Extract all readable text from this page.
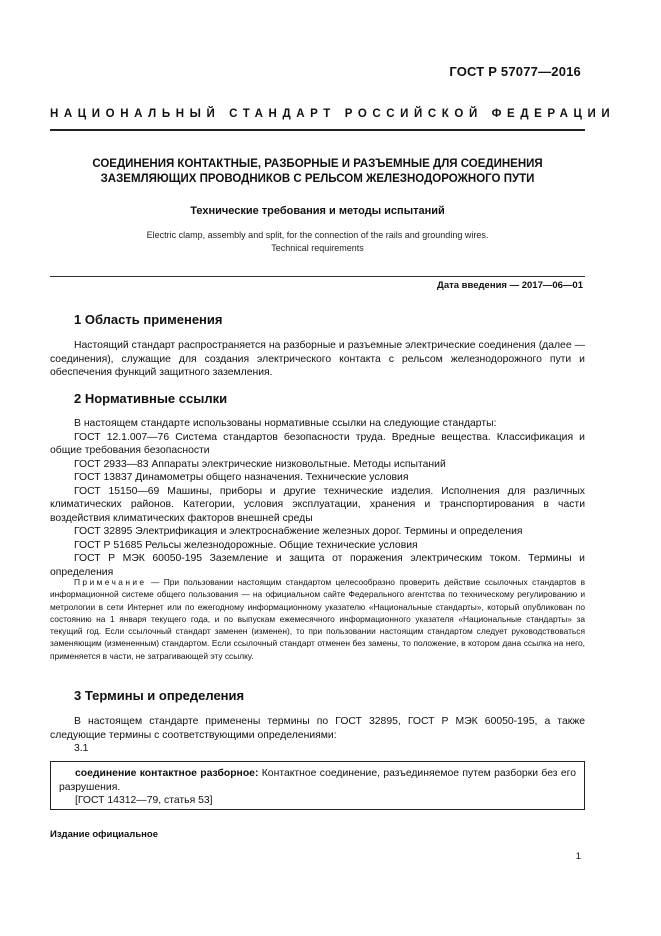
ГОСТ Р 57077—2016
НАЦИОНАЛЬНЫЙ СТАНДАРТ РОССИЙСКОЙ ФЕДЕРАЦИИ
СОЕДИНЕНИЯ КОНТАКТНЫЕ, РАЗБОРНЫЕ И РАЗЪЕМНЫЕ ДЛЯ СОЕДИНЕНИЯ
ЗАЗЕМЛЯЮЩИХ ПРОВОДНИКОВ С РЕЛЬСОМ ЖЕЛЕЗНОДОРОЖНОГО ПУТИ
Технические требования и методы испытаний
Electric clamp, assembly and split, for the connection of the rails and grounding wires.
Technical requirements
Дата введения — 2017—06—01
1 Область применения
Настоящий стандарт распространяется на разборные и разъемные электрические соединения (далее — соединения), служащие для создания электрического контакта с рельсом железнодорожного пути и обеспечения функций защитного заземления.
2 Нормативные ссылки
В настоящем стандарте использованы нормативные ссылки на следующие стандарты:
ГОСТ 12.1.007—76 Система стандартов безопасности труда. Вредные вещества. Классификация и общие требования безопасности
ГОСТ 2933—83 Аппараты электрические низковольтные. Методы испытаний
ГОСТ 13837 Динамометры общего назначения. Технические условия
ГОСТ 15150—69 Машины, приборы и другие технические изделия. Исполнения для различных климатических районов. Категории, условия эксплуатации, хранения и транспортирования в части воздействия климатических факторов внешней среды
ГОСТ 32895 Электрификация и электроснабжение железных дорог. Термины и определения
ГОСТ Р 51685 Рельсы железнодорожные. Общие технические условия
ГОСТ Р МЭК 60050-195 Заземление и защита от поражения электрическим током. Термины и определения
Примечание — При пользовании настоящим стандартом целесообразно проверить действие ссылочных стандартов в информационной системе общего пользования — на официальном сайте Федерального агентства по техническому регулированию и метрологии в сети Интернет или по ежегодному информационному указателю «Национальные стандарты», который опубликован по состоянию на 1 января текущего года, и по выпускам ежемесячного информационного указателя «Национальные стандарты» за текущий год. Если ссылочный стандарт заменен (изменен), то при пользовании настоящим стандартом следует руководствоваться заменяющим (измененным) стандартом. Если ссылочный стандарт отменен без замены, то положение, в котором дана ссылка на него, применяется в части, не затрагивающей эту ссылку.
3 Термины и определения
В настоящем стандарте применены термины по ГОСТ 32895, ГОСТ Р МЭК 60050-195, а также следующие термины с соответствующими определениями:
3.1
соединение контактное разборное: Контактное соединение, разъединяемое путем разборки без его разрушения.
[ГОСТ 14312—79, статья 53]
Издание официальное
1
